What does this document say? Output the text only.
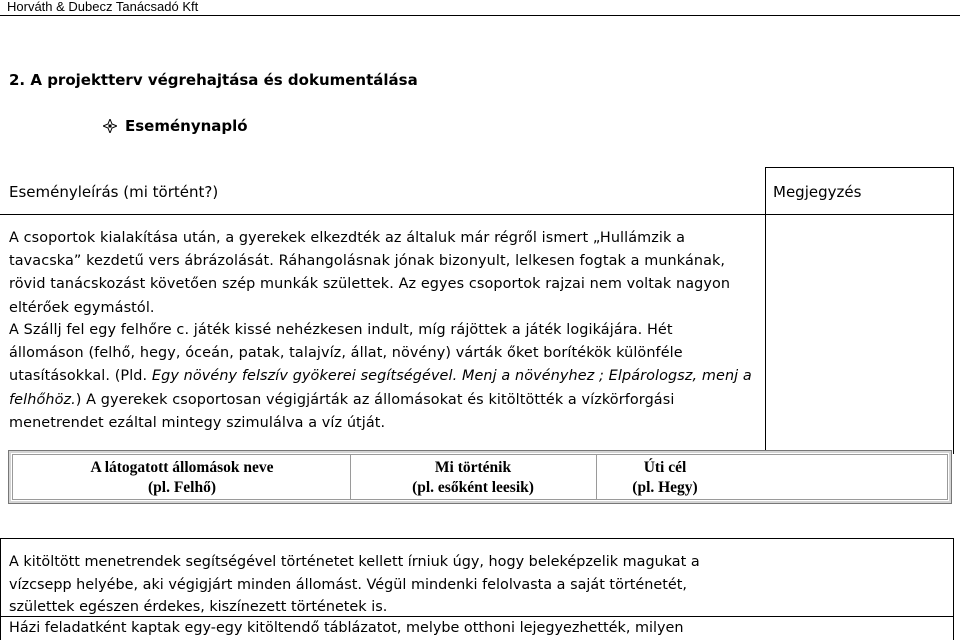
Horváth & Dubecz Tanácsadó Kft
2. A projektterv végrehajtása és dokumentálása
Eseménynapló
Eseményleírás (mi történt?)	Megjegyzés

A csoportok kialakítása után, a gyerekek elkezdték az általuk már régről ismert „Hullámzik a

tavacska” kezdetű vers ábrázolását. Ráhangolásnak jónak bizonyult, lelkesen fogtak a munkának,

rövid tanácskozást követően szép munkák születtek. Az egyes csoportok rajzai nem voltak nagyon

eltérőek egymástól.

A Szállj fel egy felhőre c. játék kissé nehézkesen indult, míg rájöttek a játék logikájára. Hét

állomáson (felhő, hegy, óceán, patak, talajvíz, állat, növény) várták őket borítékök különféle

utasításokkal. (Pld. Egy növény felszív gyökerei segítségével. Menj a növényhez ; Elpárologsz, menj a

felhőhöz.) A gyerekek csoportosan végigjárták az állomásokat és kitöltötték a vízkörforgási

menetrendet ezáltal mintegy szimulálva a víz útját.

A látogatott állomások neve
(pl. Felhő)
Mi történik
(pl. esőként leesik)
Úti cél
(pl. Hegy)

A kitöltött menetrendek segítségével történetet kellett írniuk úgy, hogy beleképzelik magukat a

vízcsepp helyébe, aki végigjárt minden állomást. Végül mindenki felolvasta a saját történetét,

születtek egészen érdekes, kiszínezett történetek is.

Házi feladatként kaptak egy-egy kitöltendő táblázatot, melybe otthoni lejegyezhették, milyen
